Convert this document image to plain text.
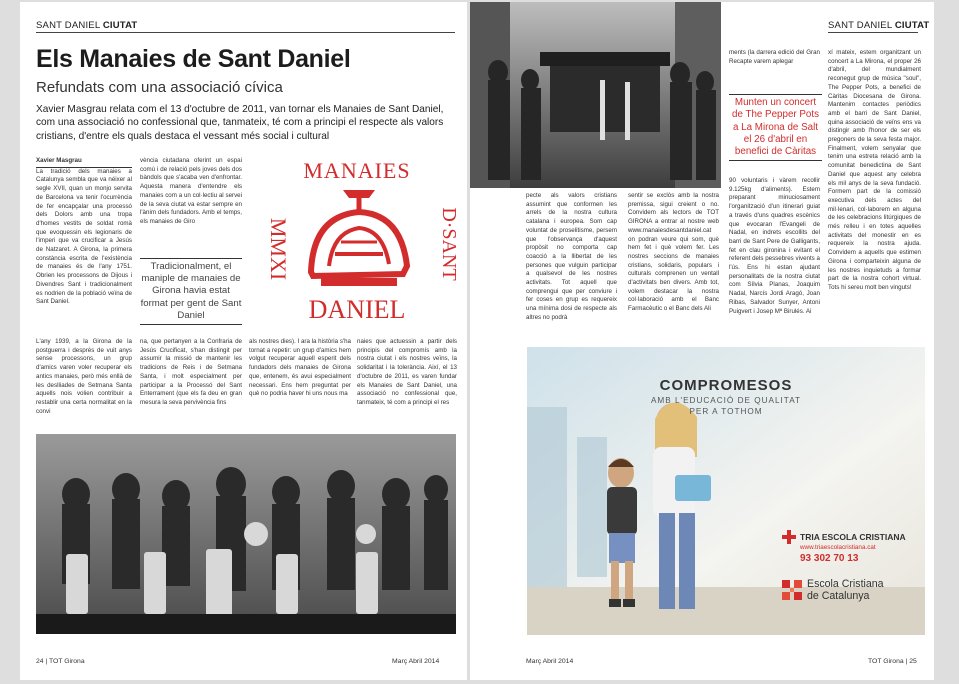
SANT DANIEL CIUTAT
Els Manaies de Sant Daniel
Refundats com una associació cívica
Xavier Masgrau relata com el 13 d'octubre de 2011, van tornar els Manaies de Sant Daniel, com una associació no confessional que, tanmateix, té com a principi el respecte als valors cristians, d'entre els quals destaca el vessant més social i cultural

Xavier Masgrau

La tradició dels manaies a Catalunya sembla que va néixer al segle XVII, quan un monjo servita de Barcelona va tenir l'ocurrència de fer encapçalar una processó dels Dolors amb una tropa d'homes vestits de soldat romà que evoquessin els legionaris de l'imperi que va crucificar a Jesús de Natzaret. A Girona, la primera constància escrita de l'existència de manaies és de l'any 1751. Obrien les processons de Dijous i Divendres Sant i tradicionalment es nodrien de la població veïna de Sant Daniel.

vència ciutadana oferint un espai comú i de relació pels joves dels dos bàndols que s'acaba ven d'enfrontar. Aquesta manera d'entendre els manaies com a un col·lectiu al servei de la seva ciutat va estar sempre en l'ànim dels fundadors. Amb el temps, els manaies de Giro

Tradicionalment, el maniple de manaies de Girona havia estat format per gent de Sant Daniel
MANAIES
DANIEL
MMXI	D·SANT

L'any 1939, a la Girona de la postguerra i després de vuit anys sense processons, un grup d'amics varen voler recuperar els antics manaies, però més enllà de les deslliades de Setmana Santa aquells nois volien contribuir a restablir una certa normalitat en la convi

na, que pertanyen a la Confraria de Jesús Crucificat, s'han distingit per assumir la missió de mantenir les tradicions de Reis i de Setmana Santa, i molt especialment per participar a la Processó del Sant Enterrament (que els fa deu en gran mesura la seva pervivència fins

als nostres dies). I ara la història s'ha tornat a repetir: un grup d'amics hem volgut recuperar aquell esperit dels fundadors dels manaies de Girona que, entenem, és avui especialment necessari. Ens hem preguntat per què no podria haver hi uns nous ma

naies que actuessin a partir dels principis del compromís amb la nostra ciutat i els nostres veïns, la solidaritat i la tolerància. Així, el 13 d'octubre de 2011, es varen fundar els Manaies de Sant Daniel, una associació no confessional que, tanmateix, té com a principi el res

24 | TOT Girona	Març Abril 2014
SANT DANIEL CIUTAT

ments (la darrera edició del Gran Recapte varem aplegar

Munten un concert de The Pepper Pots a La Mirona de Salt el 26 d'abril en benefici de Càritas

90 voluntaris i vàrem recollir 9.125kg d'aliments). Estem preparant minuciosament l'organització d'un itinerari guiat a través d'uns quadres escènics que evocaran l'Evangeli de Nadal, en indrets escollits del barri de Sant Pere de Galligants, fet en clau gironina i evitant el referent dels pessebres vivents a l'ús. Ens hi estan ajudant personalitats de la nostra ciutat com Sílvia Planas, Joaquim Nadal, Narcís Jordi Aragó, Joan Ribas, Salvador Sunyer, Antoni Puigvert i Josep Mª Birulés. Ai

xí mateix, estem organitzant un concert a La Mirona, el proper 26 d'abril, del mundialment reconegut grup de música "soul", The Pepper Pots, a benefici de Càritas Diocesana de Girona. Mantenim contactes periòdics amb el barri de Sant Daniel, quina associació de veïns ens va distingir amb l'honor de ser els pregoners de la seva festa major. Finalment, volem senyalar que tenim una estreta relació amb la comunitat benedictina de Sant Daniel que aquest any celebra els mil anys de la seva fundació. Formem part de la comissió executiva dels actes del mil·lenari, col·laborem en alguna de les celebracions litúrgiques de més relleu i en totes aquelles activitats del monestir en es requereix la nostra ajuda. Convidem a aquells que estimen Girona i comparteixin alguna de les nostres inquietuds a formar part de la nostra cohort virtual. Tots hi sereu molt ben vinguts!

pecte als valors cristians assumint que conformen les arrels de la nostra cultura catalana i europea. Som cap voluntat de proselitisme, persem que l'observança d'aquest propòsit no comporta cap coacció a la llibertat de les persones que vulguin participar a qualsevol de les nostres activitats. Tot aquell que comprengui que per conviure i fer coses en grup es requereix una mínima dosi de respecte als altres no podrà

sentir se exclòs amb la nostra premissa, sigui creient o no. Convidem als lectors de TOT GIRONA a entrar al nostre web www.manaiesdesantdaniel.cat on podran veure qui som, què hem fet i què volem fer. Les nostres seccions de manaies cristians, solidaris, populars i culturals comprenen un ventall d'activitats ben divers. Amb tot, volem destacar la nostra col·laboració amb el Banc Farmacèutic o el Banc dels Ali

COMPROMESOS
AMB L'EDUCACIÓ DE QUALITAT
PER A TOTHOM
TRIA ESCOLA CRISTIANA
www.triaescolacristiana.cat
93 302 70 13
Escola Cristiana
de Catalunya
Març Abril 2014	TOT Girona | 25
